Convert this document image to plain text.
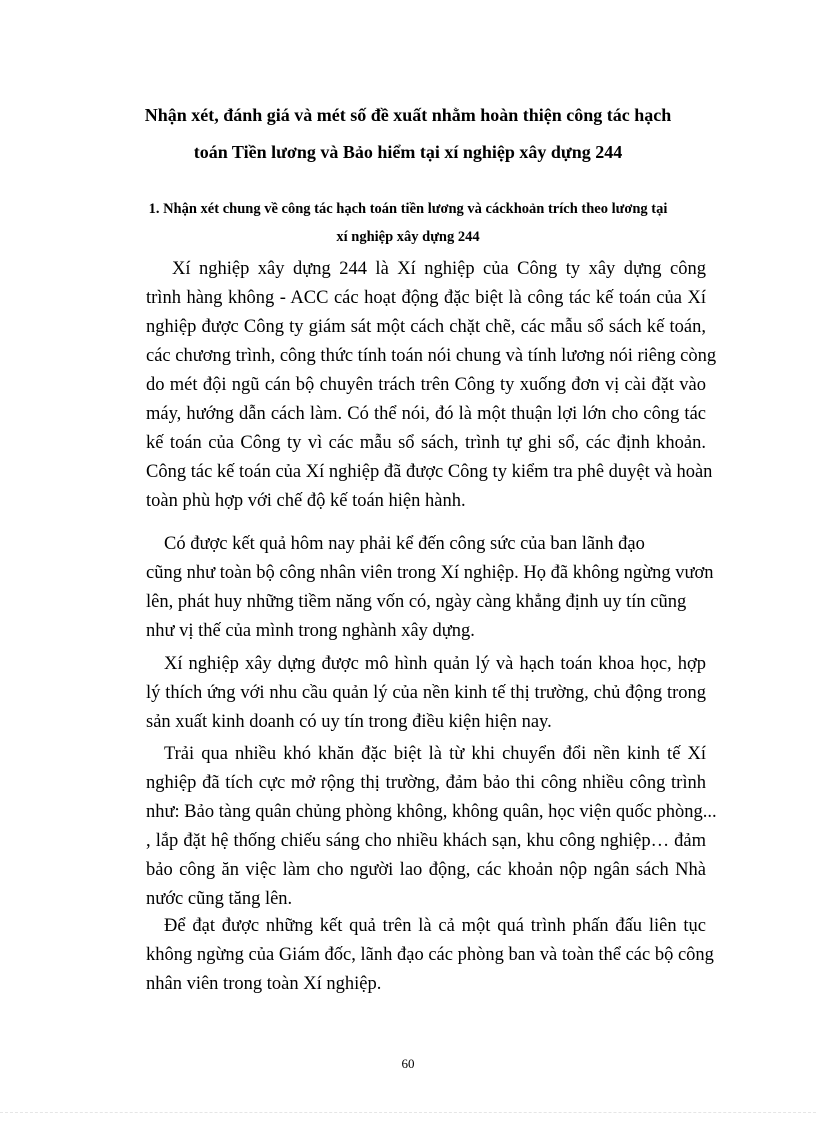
Nhận xét, đánh giá và mét số đề xuất nhằm hoàn thiện công tác hạch
toán Tiền lương và Bảo hiểm tại xí nghiệp xây dựng 244
1. Nhận xét chung về công tác hạch toán tiền lương và cáckhoản trích theo lương tại
xí nghiệp xây dựng 244
Xí nghiệp xây dựng 244 là Xí nghiệp của Công ty xây dựng công
trình hàng không - ACC các hoạt động đặc biệt là công tác kế toán của Xí
nghiệp được Công ty giám sát một cách chặt chẽ, các mẫu sổ sách kế toán,
các chương trình, công thức tính toán nói chung và tính lương nói riêng còng
do mét đội ngũ cán bộ chuyên trách trên Công ty xuống đơn vị cài đặt vào
máy, hướng dẫn cách làm. Có thể nói, đó là một thuận lợi lớn cho công tác
kế toán của Công ty vì các mẫu sổ sách, trình tự ghi sổ, các định khoản.
Công tác kế toán của Xí nghiệp đã được Công ty kiểm tra phê duyệt và hoàn
toàn phù hợp với chế độ kế toán hiện hành.
Có được kết quả hôm nay phải kể đến công sức của ban lãnh đạo
cũng như toàn bộ công nhân viên trong Xí nghiệp. Họ đã không ngừng vươn
lên, phát huy những tiềm năng vốn có, ngày càng khẳng định uy tín cũng
như vị thế của mình trong nghành xây dựng.
Xí nghiệp xây dựng được mô hình quản lý và hạch toán khoa học, hợp
lý thích ứng với nhu cầu quản lý của nền kinh tế thị trường, chủ động trong
sản xuất kinh doanh có uy tín trong điều kiện hiện nay.
Trải qua nhiều khó khăn đặc biệt là từ khi chuyển đổi nền kinh tế Xí
nghiệp đã tích cực mở rộng thị trường, đảm bảo thi công nhiều công trình
như: Bảo tàng quân chủng phòng không, không quân, học viện quốc phòng...
, lắp đặt hệ thống chiếu sáng cho nhiều khách sạn, khu công nghiệp… đảm
bảo công ăn việc làm cho người lao động, các khoản nộp ngân sách Nhà
nước cũng tăng lên.
Để đạt được những kết quả trên là cả một quá trình phấn đấu liên tục
không ngừng của Giám đốc, lãnh đạo các phòng ban và toàn thể các bộ công
nhân viên trong toàn Xí nghiệp.
60
